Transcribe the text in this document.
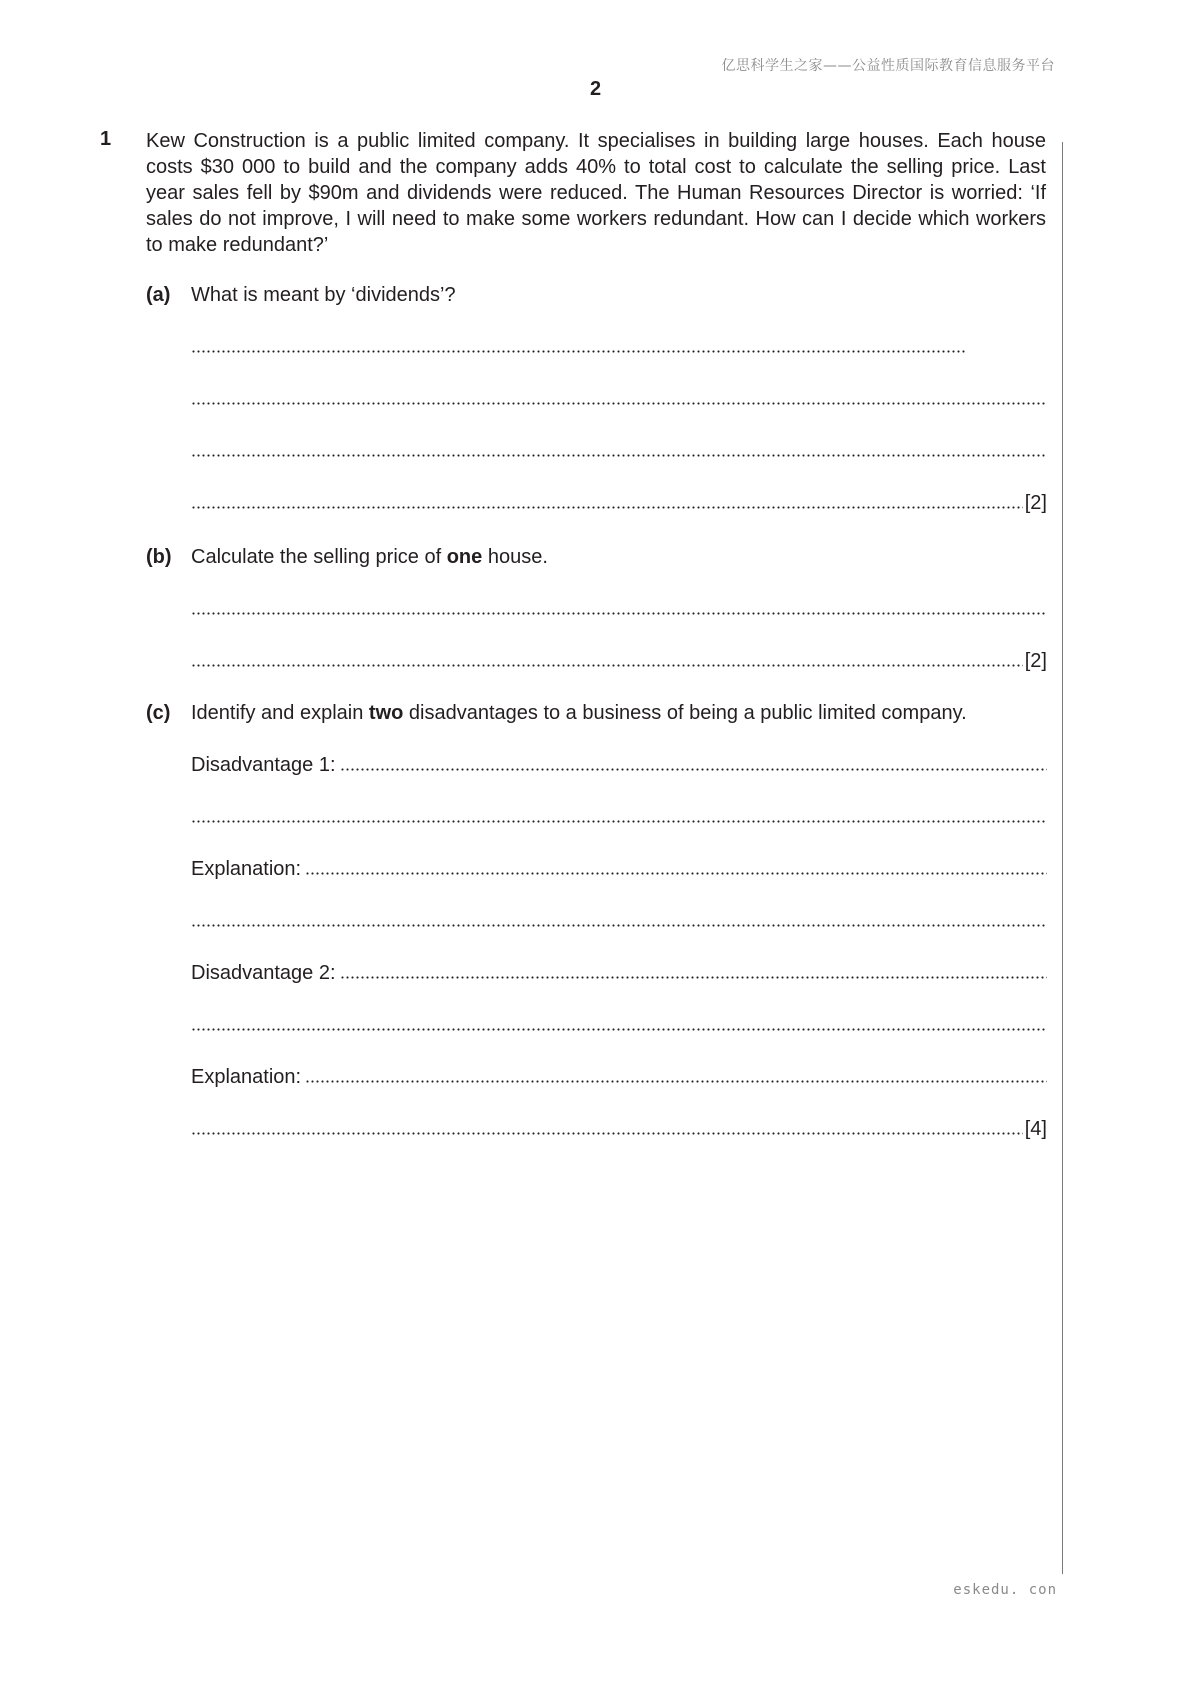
亿思科学生之家——公益性质国际教育信息服务平台
2
1 Kew Construction is a public limited company. It specialises in building large houses. Each house costs $30 000 to build and the company adds 40% to total cost to calculate the selling price. Last year sales fell by $90m and dividends were reduced. The Human Resources Director is worried: ‘If sales do not improve, I will need to make some workers redundant. How can I decide which workers to make redundant?’

(a) What is meant by ‘dividends’?
[2]
(b) Calculate the selling price of one house.
[2]
(c) Identify and explain two disadvantages to a business of being a public limited company.
Disadvantage 1:
Explanation:
Disadvantage 2:
Explanation:
[4]
eskedu. con
